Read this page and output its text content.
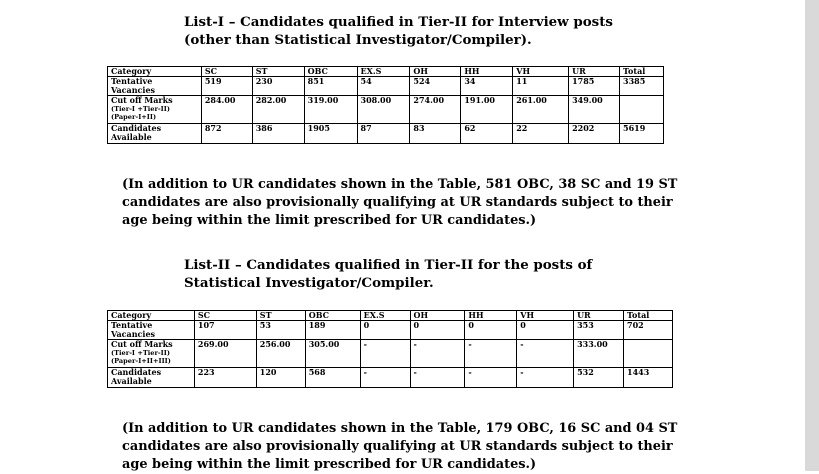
List-I – Candidates qualified in Tier-II for Interview posts
(other than Statistical Investigator/Compiler).
Category	SC	ST	OBC	EX.S	OH	HH	VH	UR	Total
Tentative
Vacancies	519	230	851	54	524	34	11	1785	3385
Cut off Marks
(Tier-I +Tier-II)
(Paper-I+II)	284.00	282.00	319.00	308.00	274.00	191.00	261.00	349.00	
Candidates
Available	872	386	1905	87	83	62	22	2202	5619
(In addition to UR candidates shown in the Table, 581 OBC, 38 SC and 19 ST
candidates are also provisionally qualifying at UR standards subject to their
age being within the limit prescribed for UR candidates.)
List-II – Candidates qualified in Tier-II for the posts of
Statistical Investigator/Compiler.
Category	SC	ST	OBC	EX.S	OH	HH	VH	UR	Total
Tentative
Vacancies	107	53	189	0	0	0	0	353	702
Cut off Marks
(Tier-I +Tier-II)
(Paper-I+II+III)	269.00	256.00	305.00	-	-	-	-	333.00	
Candidates
Available	223	120	568	-	-	-	-	532	1443
(In addition to UR candidates shown in the Table, 179 OBC, 16 SC and 04 ST
candidates are also provisionally qualifying at UR standards subject to their
age being within the limit prescribed for UR candidates.)
